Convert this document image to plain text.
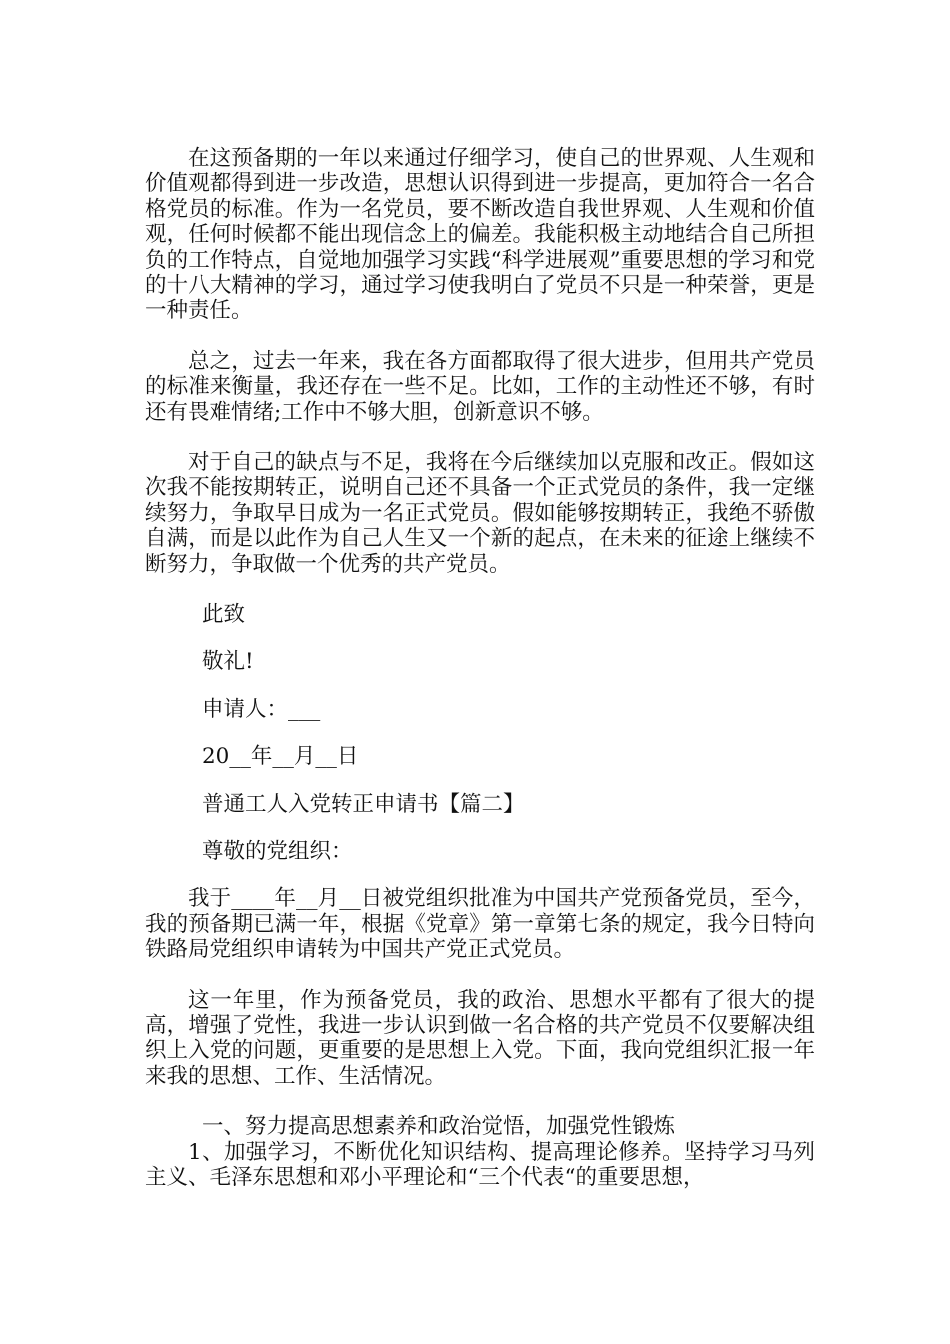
在这预备期的一年以来通过仔细学习，使自己的世界观、人生观和价值观都得到进一步改造，思想认识得到进一步提高，更加符合一名合格党员的标准。作为一名党员，要不断改造自我世界观、人生观和价值观，任何时候都不能出现信念上的偏差。我能积极主动地结合自己所担负的工作特点，自觉地加强学习实践“科学进展观”重要思想的学习和党的十八大精神的学习，通过学习使我明白了党员不只是一种荣誉，更是一种责任。

总之，过去一年来，我在各方面都取得了很大进步，但用共产党员的标准来衡量，我还存在一些不足。比如，工作的主动性还不够，有时还有畏难情绪;工作中不够大胆，创新意识不够。

对于自己的缺点与不足，我将在今后继续加以克服和改正。假如这次我不能按期转正，说明自己还不具备一个正式党员的条件，我一定继续努力，争取早日成为一名正式党员。假如能够按期转正，我绝不骄傲自满，而是以此作为自己人生又一个新的起点，在未来的征途上继续不断努力，争取做一个优秀的共产党员。

此致

敬礼!

申请人：___

20__年__月__日

普通工人入党转正申请书【篇二】

尊敬的党组织：

我于____年__月__日被党组织批准为中国共产党预备党员，至今，我的预备期已满一年，根据《党章》第一章第七条的规定，我今日特向铁路局党组织申请转为中国共产党正式党员。

这一年里，作为预备党员，我的政治、思想水平都有了很大的提高，增强了党性，我进一步认识到做一名合格的共产党员不仅要解决组织上入党的问题，更重要的是思想上入党。下面，我向党组织汇报一年来我的思想、工作、生活情况。

一、努力提高思想素养和政治觉悟，加强党性锻炼

1、加强学习，不断优化知识结构、提高理论修养。坚持学习马列主义、毛泽东思想和邓小平理论和“三个代表“的重要思想，
